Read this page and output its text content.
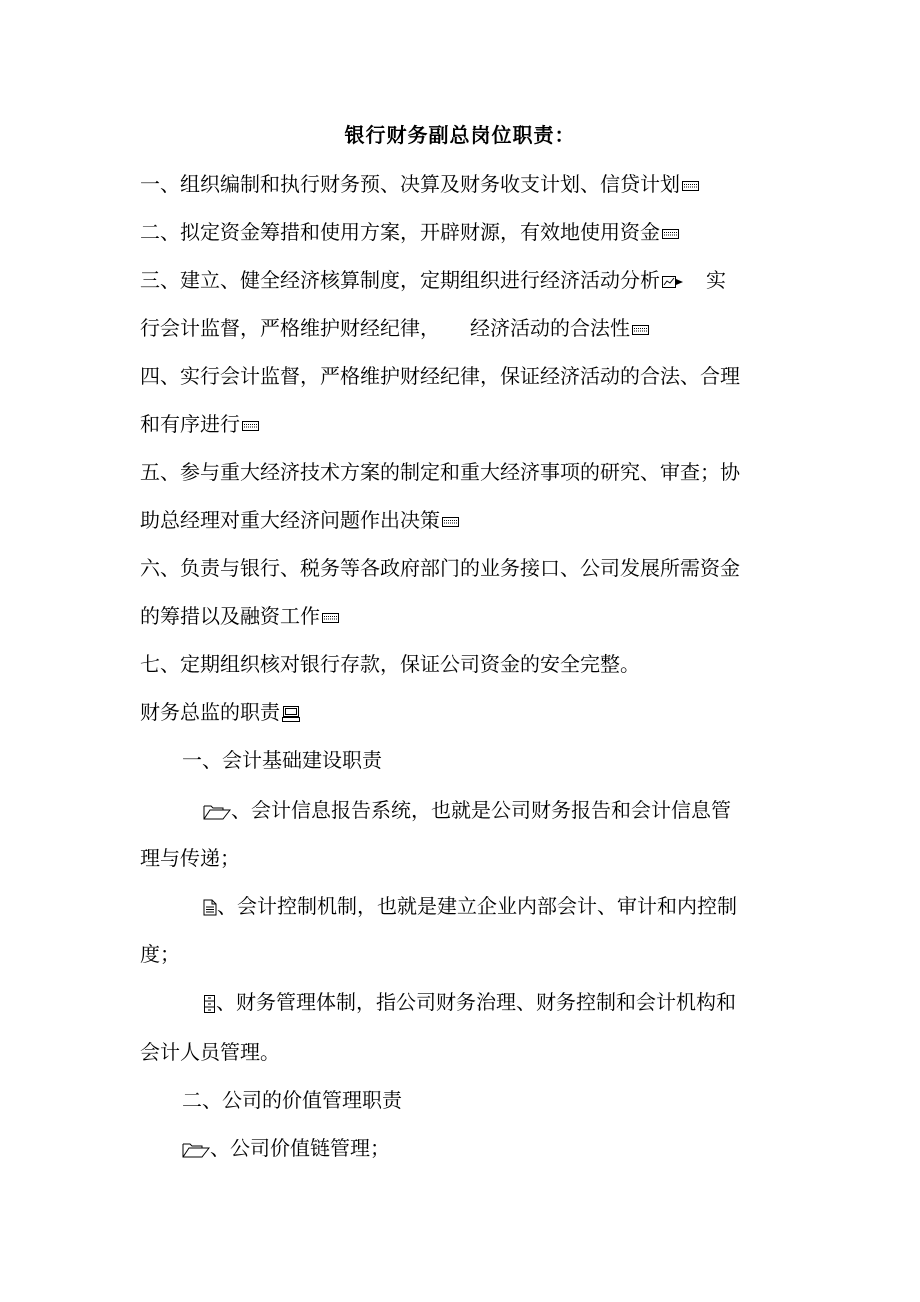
银行财务副总岗位职责：
一、组织编制和执行财务预、决算及财务收支计划、信贷计划
二、拟定资金筹措和使用方案，开辟财源，有效地使用资金
三、建立、健全经济核算制度，定期组织进行经济活动分析 实
行会计监督，严格维护财经纪律， 经济活动的合法性
四、实行会计监督，严格维护财经纪律，保证经济活动的合法、合理
和有序进行
五、参与重大经济技术方案的制定和重大经济事项的研究、审查；协
助总经理对重大经济问题作出决策
六、负责与银行、税务等各政府部门的业务接口、公司发展所需资金
的筹措以及融资工作
七、定期组织核对银行存款，保证公司资金的安全完整。
财务总监的职责
一、会计基础建设职责
、会计信息报告系统，也就是公司财务报告和会计信息管
理与传递；
、会计控制机制，也就是建立企业内部会计、审计和内控制
度；
、财务管理体制，指公司财务治理、财务控制和会计机构和
会计人员管理。
二、公司的价值管理职责
、公司价值链管理；
